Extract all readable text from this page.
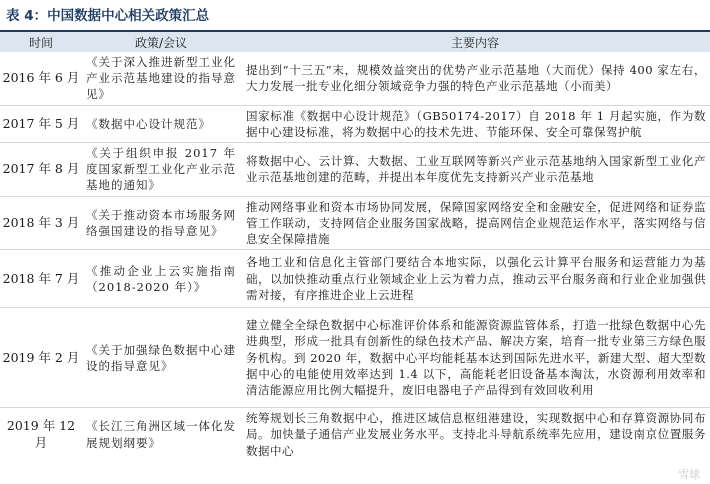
表 4：中国数据中心相关政策汇总
时间	政策/会议	主要内容
2016 年 6 月	《关于深入推进新型工业化产业示范基地建设的指导意见》	提出到“十三五”末，规模效益突出的优势产业示范基地（大而优）保持 400 家左右，大力发展一批专业化细分领域竞争力强的特色产业示范基地（小而美）
2017 年 5 月	《数据中心设计规范》	国家标准《数据中心设计规范》（GB50174-2017）自 2018 年 1 月起实施，作为数据中心建设标准，将为数据中心的技术先进、节能环保、安全可靠保驾护航
2017 年 8 月	《关于组织申报 2017 年度国家新型工业化产业示范基地的通知》	将数据中心、云计算、大数据、工业互联网等新兴产业示范基地纳入国家新型工业化产业示范基地创建的范畴，并提出本年度优先支持新兴产业示范基地
2018 年 3 月	《关于推动资本市场服务网络强国建设的指导意见》	推动网络事业和资本市场协同发展，保障国家网络安全和金融安全，促进网络和证券监管工作联动，支持网信企业服务国家战略，提高网信企业规范运作水平，落实网络与信息安全保障措施
2018 年 7 月	《推动企业上云实施指南（2018-2020 年）》	各地工业和信息化主管部门要结合本地实际，以强化云计算平台服务和运营能力为基础，以加快推动重点行业领域企业上云为着力点，推动云平台服务商和行业企业加强供需对接，有序推进企业上云进程
2019 年 2 月	《关于加强绿色数据中心建设的指导意见》	建立健全全绿色数据中心标准评价体系和能源资源监管体系，打造一批绿色数据中心先进典型，形成一批具有创新性的绿色技术产品、解决方案，培育一批专业第三方绿色服务机构。到 2020 年，数据中心平均能耗基本达到国际先进水平，新建大型、超大型数据中心的电能使用效率达到 1.4 以下，高能耗老旧设备基本淘汰，水资源利用效率和清洁能源应用比例大幅提升，废旧电器电子产品得到有效回收利用
2019 年 12 月	《长江三角洲区域一体化发展规划纲要》	统筹规划长三角数据中心，推进区域信息枢纽港建设，实现数据中心和存算资源协同布局。加快量子通信产业发展业务水平。支持北斗导航系统率先应用，建设南京位置服务数据中心
雪球
